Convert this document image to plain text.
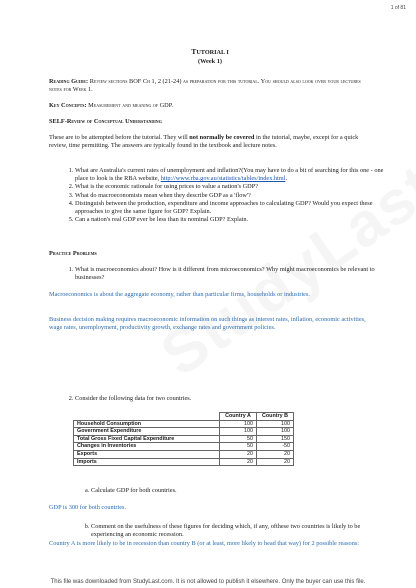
1 of 81
TUTORIAL I
(Week 1)
Reading Guide: Review sections BOF Ch 1, 2 (21-24) as preparation for this tutorial. You should also look over your lectures notes for Week 1.
Key Concepts: Measurement and meaning of GDP.
SELF-Review of Conceptual Understanding
These are to be attempted before the tutorial. They will not normally be covered in the tutorial, maybe, except for a quick review, time permitting. The answers are typically found in the textbook and lecture notes.
1. What are Australia's current rates of unemployment and inflation?(You may have to do a bit of searching for this one - one place to look is the RBA website, http://www.rba.gov.au/statistics/tables/index.html.
2. What is the economic rationale for using prices to value a nation's GDP?
3. What do macroeconomists mean when they describe GDP as a 'flow'?
4. Distinguish between the production, expenditure and income approaches to calculating GDP? Would you expect these approaches to give the same figure for GDP? Explain.
5. Can a nation's real GDP ever be less than its nominal GDP? Explain.
Practice Problems
1. What is macroeconomics about? How is it different from microeconomics? Why might macroeconomics be relevant to businesses?
Macroeconomics is about the aggregate economy, rather than particular firms, households or industries.
Business decision making requires macroeconomic information on such things as interest rates, inflation, economic activities, wage rates, unemployment, productivity growth, exchange rates and government policies.
2. Consider the following data for two countries.
	Country A	Country B
Household Consumption	100	100
Government Expenditure	100	100
Total Gross Fixed Capital Expenditure	50	150
Changes in Inventories	50	-50
Exports	20	20
Imports	20	20
a. Calculate GDP for both countries.
GDP is 300 for both countries.
b. Comment on the usefulness of these figures for deciding which, if any, ofthese two countries is likely to be experiencing an economic recession.
Country A is more likely to be in recession than country B (or at least, more likely to head that way) for 2 possible reasons:
This file was downloaded from StudyLast.com. It is not allowed to publish it elsewhere. Only the buyer can use this file.
